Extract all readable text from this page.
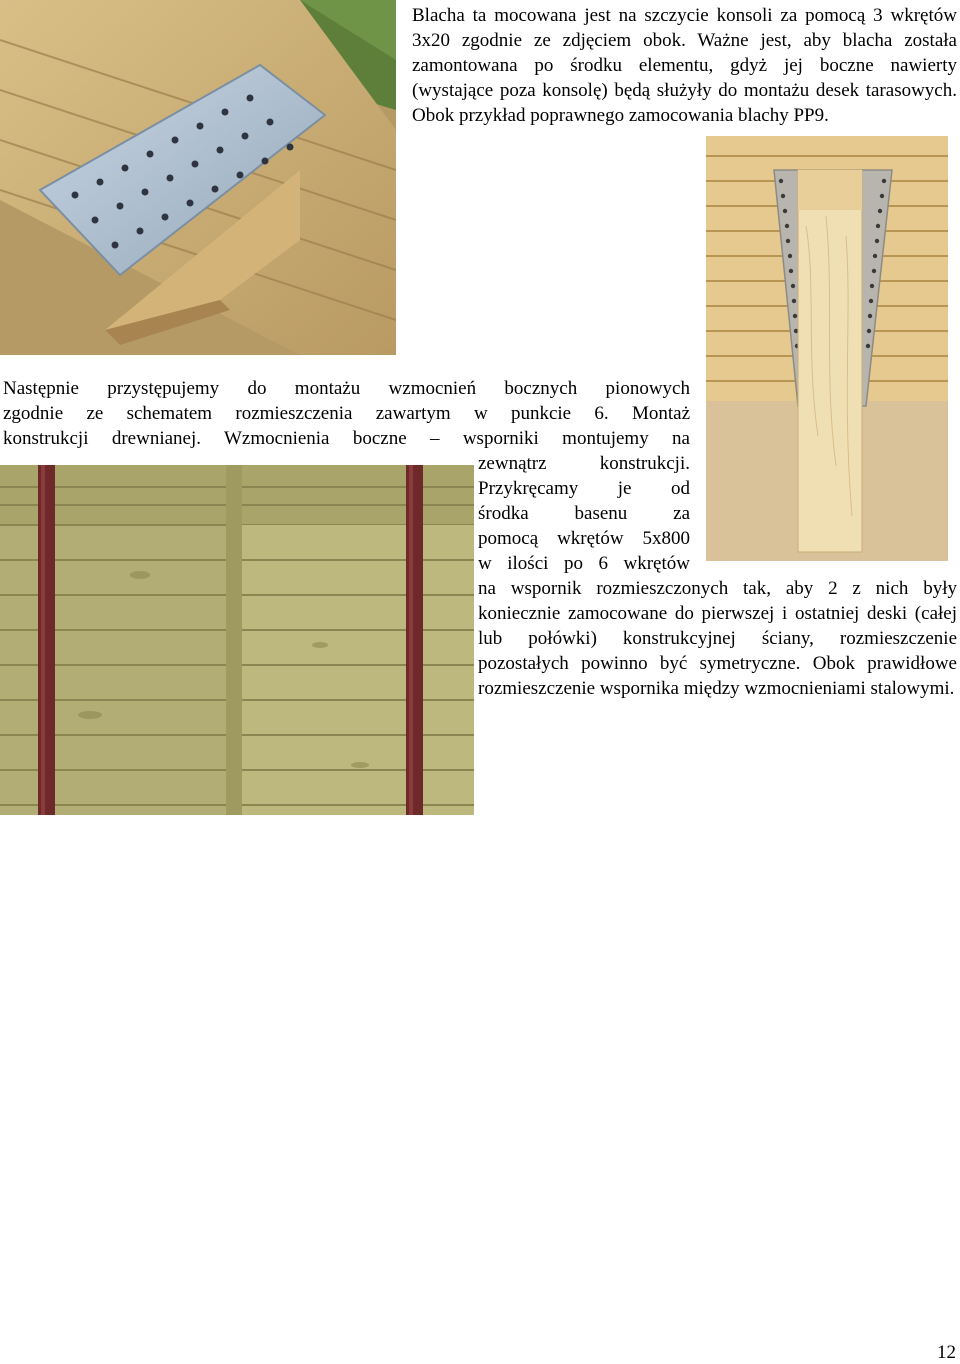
Blacha ta mocowana jest na szczycie konsoli za pomocą 3 wkrętów 3x20 zgodnie ze zdjęciem obok. Ważne jest, aby blacha została zamontowana po środku elementu, gdyż jej boczne nawierty (wystające poza konsolę) będą służyły do montażu desek tarasowych. Obok przykład poprawnego zamocowania blachy PP9.

Następnie przystępujemy do montażu wzmocnień bocznych pionowych
zgodnie ze schematem rozmieszczenia zawartym w punkcie 6. Montaż
konstrukcji drewnianej. Wzmocnienia boczne – wsporniki montujemy na
zewnątrz konstrukcji.
Przykręcamy je od
środka basenu za
pomocą wkrętów 5x800
w ilości po 6 wkrętów

na wspornik rozmieszczonych tak, aby 2 z nich były koniecznie zamocowane do pierwszej i ostatniej deski (całej lub połówki) konstrukcyjnej ściany, rozmieszczenie pozostałych powinno być symetryczne. Obok prawidłowe rozmieszczenie wspornika między wzmocnieniami stalowymi.

12
